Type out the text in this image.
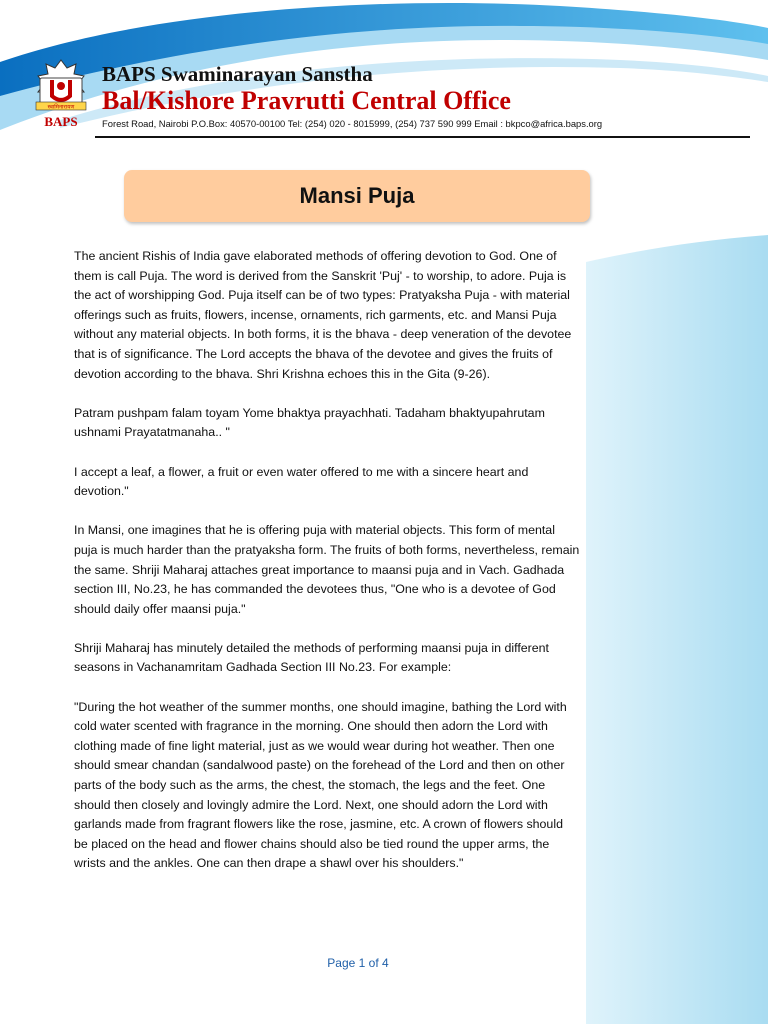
स्वामिनारायण
BAPS
BAPS Swaminarayan Sanstha
Bal/Kishore Pravrutti Central Office
Forest Road, Nairobi P.O.Box: 40570-00100 Tel: (254) 020 - 8015999, (254) 737 590 999 Email : bkpco@africa.baps.org
Mansi Puja

The ancient Rishis of India gave elaborated methods of offering devotion to God. One of them is call Puja. The word is derived from the Sanskrit 'Puj' - to worship, to adore. Puja is the act of worshipping God. Puja itself can be of two types: Pratyaksha Puja - with material offerings such as fruits, flowers, incense, ornaments, rich garments, etc. and Mansi Puja without any material objects. In both forms, it is the bhava - deep veneration of the devotee that is of significance. The Lord accepts the bhava of the devotee and gives the fruits of devotion according to the bhava. Shri Krishna echoes this in the Gita (9-26).

Patram pushpam falam toyam Yome bhaktya prayachhati. Tadaham bhaktyupahrutam ushnami Prayatatmanaha.. "

I accept a leaf, a flower, a fruit or even water offered to me with a sincere heart and devotion."

In Mansi, one imagines that he is offering puja with material objects. This form of mental puja is much harder than the pratyaksha form. The fruits of both forms, nevertheless, remain the same. Shriji Maharaj attaches great importance to maansi puja and in Vach. Gadhada section III, No.23, he has commanded the devotees thus, "One who is a devotee of God should daily offer maansi puja."

Shriji Maharaj has minutely detailed the methods of performing maansi puja in different seasons in Vachanamritam Gadhada Section III No.23. For example:

"During the hot weather of the summer months, one should imagine, bathing the Lord with cold water scented with fragrance in the morning. One should then adorn the Lord with clothing made of fine light material, just as we would wear during hot weather. Then one should smear chandan (sandalwood paste) on the forehead of the Lord and then on other parts of the body such as the arms, the chest, the stomach, the legs and the feet. One should then closely and lovingly admire the Lord. Next, one should adorn the Lord with garlands made from fragrant flowers like the rose, jasmine, etc. A crown of flowers should be placed on the head and flower chains should also be tied round the upper arms, the wrists and the ankles. One can then drape a shawl over his shoulders."

Page 1 of 4
